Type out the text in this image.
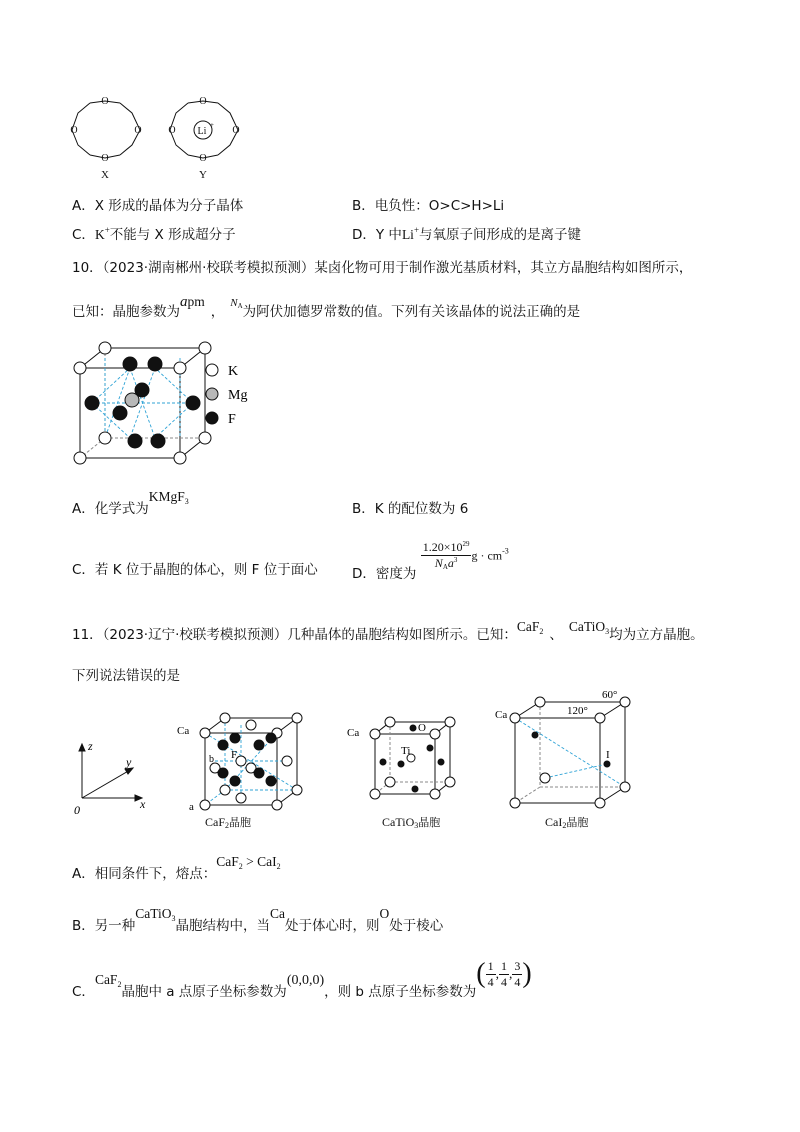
O
O	O
O
O
O	O
O
Li
+
X	Y
A．X 形成的晶体为分子晶体	B．电负性：O>C>H>Li
C．K+不能与 X 形成超分子	D．Y 中Li+与氧原子间形成的是离子键
10．（2023·湖南郴州·校联考模拟预测）某卤化物可用于制作激光基质材料，其立方晶胞结构如图所示，
已知：晶胞参数为apm，$^{NA}$为阿伏加德罗常数的值。下列有关该晶体的说法正确的是
K
Mg
F
A．化学式为KMgF$^3$	B．K 的配位数为 6
C．若 K 位于晶胞的体心，则 F 位于面心	D．密度为
$\frac{1.20\times 10^{29}}{NAa^3}$ $g \cdot cm^{-3}$
11．（2023·辽宁·校联考模拟预测）几种晶体的晶胞结构如图所示。已知：CaF$_2$ 、CaTiO$_3$均为立方晶胞。
下列说法错误的是
z
y
x
0
Ca
F
b
a
CaF2晶胞
Ca	O
Ti
CaTiO3晶胞
Ca
60°
120°
I
CaI2晶胞
A．相同条件下，熔点：CaF$_2$ > CaI$_2$
B．另一种CaTiO$_3$晶胞结构中，当Ca处于体心时，则O处于棱心
C．CaF$_2$晶胞中 a 点原子坐标参数为(0,0,0)，则 b 点原子坐标参数为( $\frac{1}{4}$ , $\frac{1}{4}$ , $\frac{3}{4}$ )
